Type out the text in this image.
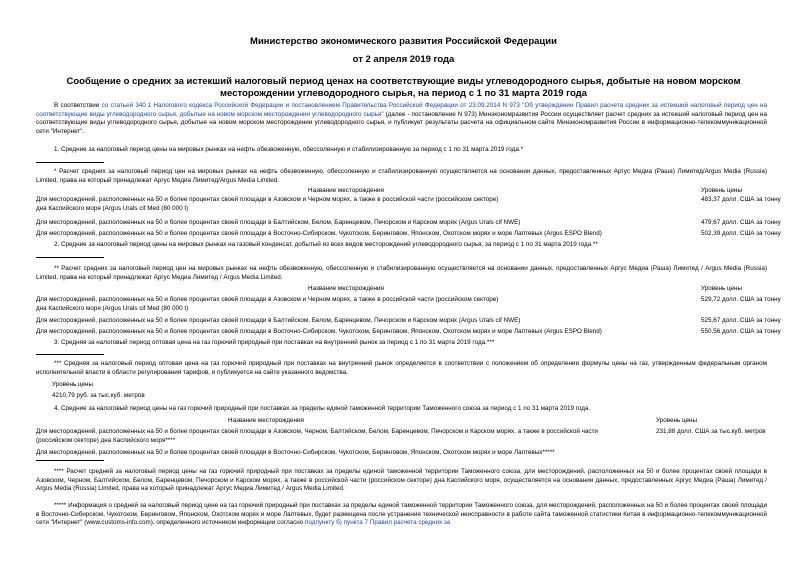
Министерство экономического развития Российской Федерации
от 2 апреля 2019 года
Сообщение о средних за истекший налоговый период ценах на соответствующие виды углеводородного сырья, добытые на новом морском месторождении углеводородного сырья, на период с 1 по 31 марта 2019 года
В соответствии со статьей 340.1 Налогового кодекса Российской Федерации и постановлением Правительства Российской Федерации от 23.09.2014 N 973 "Об утверждении Правил расчета средних за истекший налоговый период цен на соответствующие виды углеводородного сырья, добытые на новом морском месторождении углеводородного сырья" (далее - постановление N 973) Минэкономразвития России осуществляет расчет средних за истекший налоговый период цен на соответствующие виды углеводородного сырья, добытые на новом морском месторождении углеводородного сырья, и публикует результаты расчета на официальном сайте Минэкономразвития России в информационно-телекоммуникационной сети "Интернет".
1. Средние за налоговый период цены на мировых рынках на нефть обезвоженную, обессоленную и стабилизированную за период с 1 по 31 марта 2019 года.*
* Расчет средних за налоговый период цен на мировых рынках на нефть обезвоженную, обессоленную и стабилизированную осуществляется на основании данных, предоставленных Аргус Медиа (Раша) Лимитед/Argus Media (Russia) Limited, права на который принадлежат Аргус Медиа Лимитед/Argus Media Limited.
Название месторождения	Уровень цены
Для месторождений, расположенных на 50 и более процентах своей площади в Азовском и Черном морях, а также в российской части (российском секторе) дна Каспийского моря (Argus Urals cif Med (80 000 t)
483,37 долл. США за тонну
Для месторождений, расположенных на 50 и более процентах своей площади в Балтийском, Белом, Баренцевом, Печорском и Карском морях (Argus Urals cif NWE)	479,67 долл. США за тонну
Для месторождений, расположенных на 50 и более процентах своей площади в Восточно-Сибирском, Чукотском, Беринговом, Японском, Охотском морях и море Лаптевых (Argus ESPO Blend)	502,39 долл. США за тонну
2. Средние за налоговый период цены на мировых рынках на газовый конденсат, добытый из всех видов месторождений углеводородного сырья, за период с 1 по 31 марта 2019 года.**
** Расчет средних за налоговый период цен на мировых рынках на нефть обезвоженную, обессоленную и стабилизированную осуществляется на основании данных, предоставленных Аргус Медиа (Раша) Лимитед / Argus Media (Russia) Limited, права на который принадлежат Аргус Медиа Лимитед / Argus Media Limited.
Название месторождения	Уровень цены
Для месторождений, расположенных на 50 и более процентах своей площади в Азовском и Черном морях, а также в российской части (российском секторе) дна Каспийского моря (Argus Urals cif Med (80 000 t)
529,72 долл. США за тонну
Для месторождений, расположенных на 50 и более процентах своей площади в Балтийском, Белом, Баренцевом, Печорском и Карском морях (Argus Urals cif NWE)	525,67 долл. США за тонну
Для месторождений, расположенных на 50 и более процентах своей площади в Восточно-Сибирском, Чукотском, Беринговом, Японском, Охотском морях и море Лаптевых (Argus ESPO Blend)	550,56 долл. США за тонну
3. Средняя за налоговый период оптовая цена на газ горючий природный при поставках на внутренний рынок за период с 1 по 31 марта 2019 года.***
*** Средняя за налоговый период оптовая цена на газ горючий природный при поставках на внутренний рынок определяется в соответствии с положением об определении формулы цены на газ, утвержденным федеральным органом исполнительной власти в области регулирования тарифов, и публикуется на сайте указанного ведомства.
Уровень цены
4210,79 руб. за тыс.куб. метров
4. Средние за налоговый период цены на газ горючий природный при поставках за пределы единой таможенной территории Таможенного союза за период с 1 по 31 марта 2019 года.
Название месторождения	Уровень цены
Для месторождений, расположенных на 50 и более процентах своей площади в Азовском, Черном, Балтийском, Белом, Баренцевом, Печорском и Карском морях, а также в российской части (российском секторе) дна Каспийского моря****
231,88 долл. США за тыс.куб. метров
Для месторождений, расположенных на 50 и более процентах своей площади в Восточно-Сибирском, Чукотском, Беринговом, Японском, Охотском морях и море Лаптевых*****
**** Расчет средней за налоговый период цены на газ горючий природный при поставках за пределы единой таможенной территории Таможенного союза, для месторождений, расположенных на 50 и более процентах своей площади в Азовском, Черном, Балтийском, Белом, Баренцевом, Печорском и Карском морях, а также в российской части (российском секторе) дна Каспийского моря, осуществляется на основании данных, предоставленных Аргус Медиа (Раша) Лимитед / Argus Media (Russia) Limited, права на который принадлежат Аргус Медиа Лимитед / Argus Media Limited.
***** Информация о средней за налоговый период цене на газ горючий природный при поставках за пределы единой таможенной территории Таможенного союза, для месторождений, расположенных на 50 и более процентах своей площади в Восточно-Сибирском, Чукотском, Беринговом, Японском, Охотском морях и море Лаптевых, будет размещена после устранения технической неисправности в работе сайта таможенной статистики Китая в информационно-телекоммуникационной сети "Интернет" (www.customs-info.com), определенного источником информации согласно подпункту б) пункта 7 Правил расчета средних за
